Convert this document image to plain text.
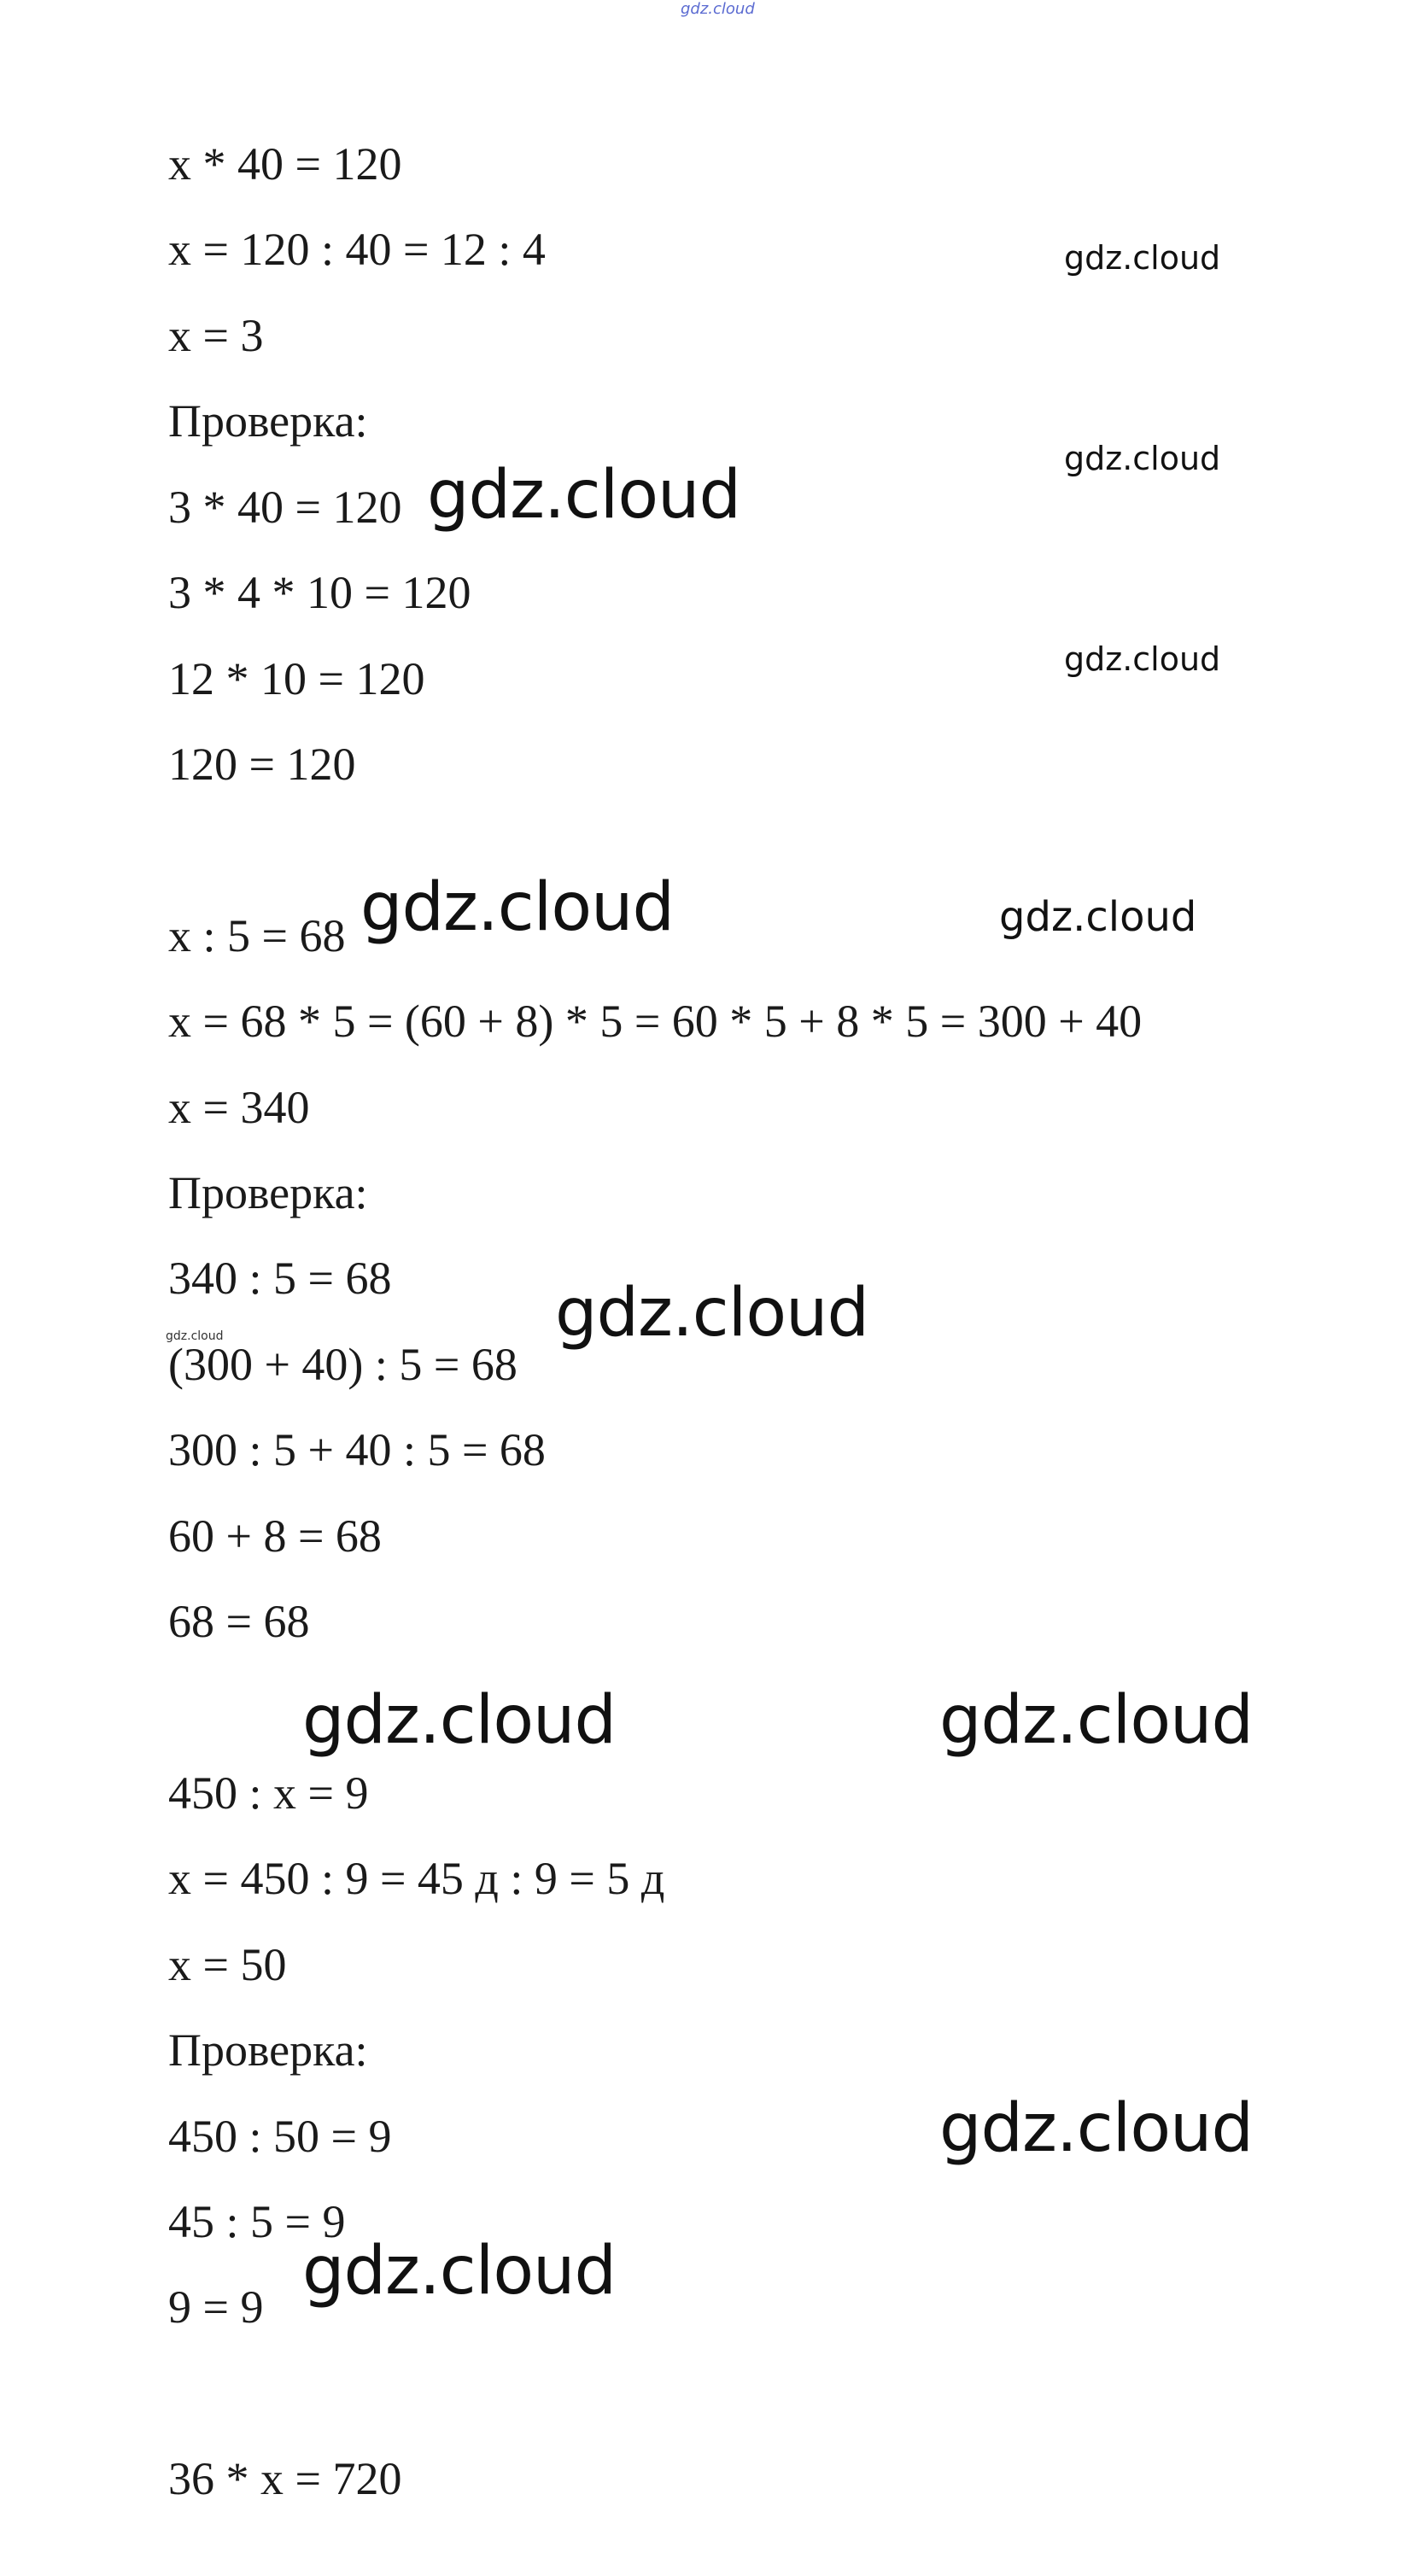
gdz.cloud
gdz.cloud
gdz.cloud
gdz.cloud
gdz.cloud
gdz.cloud	gdz.cloud
gdz.cloud
gdz.cloud
gdz.cloud	gdz.cloud
gdz.cloud
gdz.cloud
x * 40 = 120
x = 120 : 40 = 12 : 4
x = 3
Проверка:
3 * 40 = 120
3 * 4 * 10 = 120
12 * 10 = 120
120 = 120
x : 5 = 68
x = 68 * 5 = (60 + 8) * 5 = 60 * 5 + 8 * 5 = 300 + 40
x = 340
Проверка:
340 : 5 = 68
(300 + 40) : 5 = 68
300 : 5 + 40 : 5 = 68
60 + 8 = 68
68 = 68
450 : x = 9
x = 450 : 9 = 45 д : 9 = 5 д
x = 50
Проверка:
450 : 50 = 9
45 : 5 = 9
9 = 9
36 * x = 720
